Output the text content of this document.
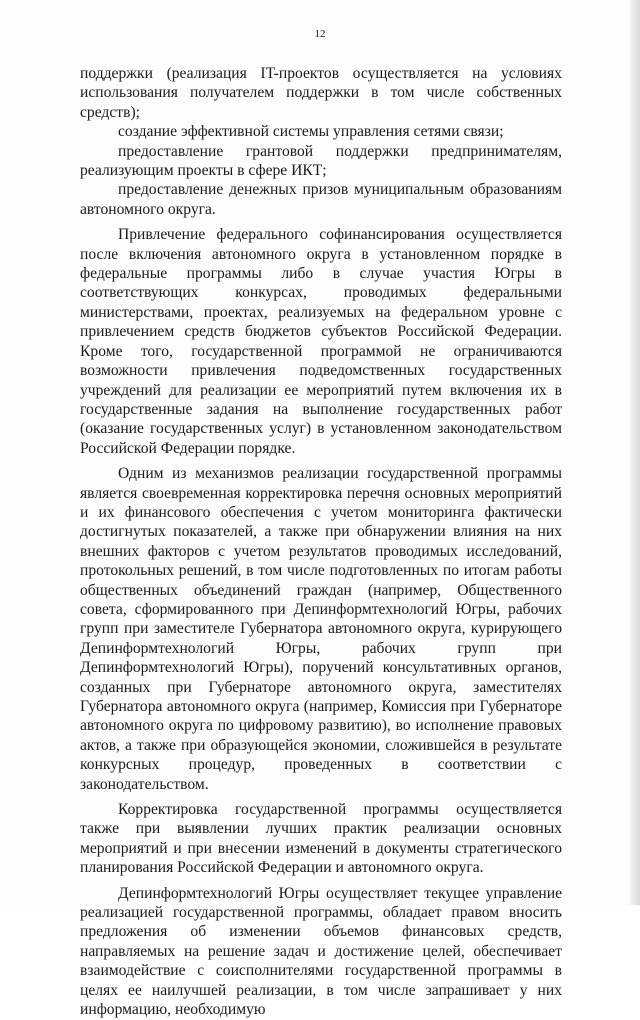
12

поддержки (реализация IT-проектов осуществляется на условиях использования получателем поддержки в том числе собственных средств);

создание эффективной системы управления сетями связи;

предоставление грантовой поддержки предпринимателям, реализующим проекты в сфере ИКТ;

предоставление денежных призов муниципальным образованиям автономного округа.

Привлечение федерального софинансирования осуществляется после включения автономного округа в установленном порядке в федеральные программы либо в случае участия Югры в соответствующих конкурсах, проводимых федеральными министерствами, проектах, реализуемых на федеральном уровне с привлечением средств бюджетов субъектов Российской Федерации. Кроме того, государственной программой не ограничиваются возможности привлечения подведомственных государственных учреждений для реализации ее мероприятий путем включения их в государственные задания на выполнение государственных работ (оказание государственных услуг) в установленном законодательством Российской Федерации порядке.

Одним из механизмов реализации государственной программы является своевременная корректировка перечня основных мероприятий и их финансового обеспечения с учетом мониторинга фактически достигнутых показателей, а также при обнаружении влияния на них внешних факторов с учетом результатов проводимых исследований, протокольных решений, в том числе подготовленных по итогам работы общественных объединений граждан (например, Общественного совета, сформированного при Депинформтехнологий Югры, рабочих групп при заместителе Губернатора автономного округа, курирующего Депинформтехнологий Югры, рабочих групп при Депинформтехнологий Югры), поручений консультативных органов, созданных при Губернаторе автономного округа, заместителях Губернатора автономного округа (например, Комиссия при Губернаторе автономного округа по цифровому развитию), во исполнение правовых актов, а также при образующейся экономии, сложившейся в результате конкурсных процедур, проведенных в соответствии с законодательством.

Корректировка государственной программы осуществляется также при выявлении лучших практик реализации основных мероприятий и при внесении изменений в документы стратегического планирования Российской Федерации и автономного округа.

Депинформтехнологий Югры осуществляет текущее управление реализацией государственной программы, обладает правом вносить предложения об изменении объемов финансовых средств, направляемых на решение задач и достижение целей, обеспечивает взаимодействие с соисполнителями государственной программы в целях ее наилучшей реализации, в том числе запрашивает у них информацию, необходимую
